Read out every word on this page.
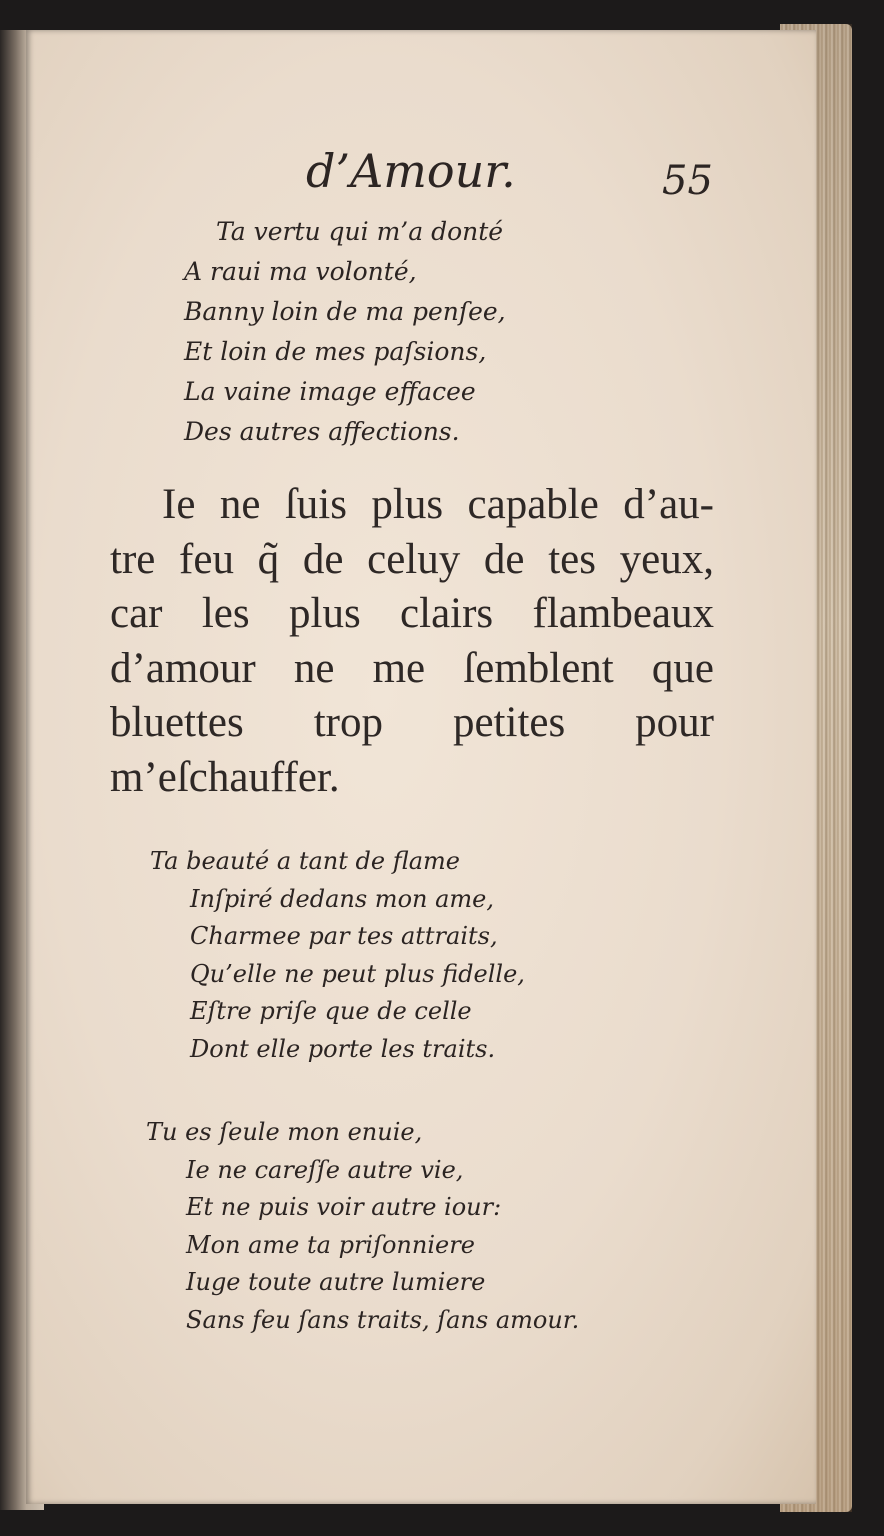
d’Amour.	55
Ta vertu qui m’a donté
A raui ma volonté,
Banny loin de ma penſee,
Et loin de mes paſsions,
La vaine image effacee
Des autres affections.
Ie ne ſuis plus capable d’au-
tre feu q̃ de celuy de tes yeux,
car les plus clairs flambeaux
d’amour ne me ſemblent que
bluettes trop petites pour
m’eſchauffer.
Ta beauté a tant de flame
Inſpiré dedans mon ame,
Charmee par tes attraits,
Qu’elle ne peut plus fidelle,
Eſtre priſe que de celle
Dont elle porte les traits.
Tu es ſeule mon enuie,
Ie ne careſſe autre vie,
Et ne puis voir autre iour:
Mon ame ta priſonniere
Iuge toute autre lumiere
Sans feu ſans traits, ſans amour.
